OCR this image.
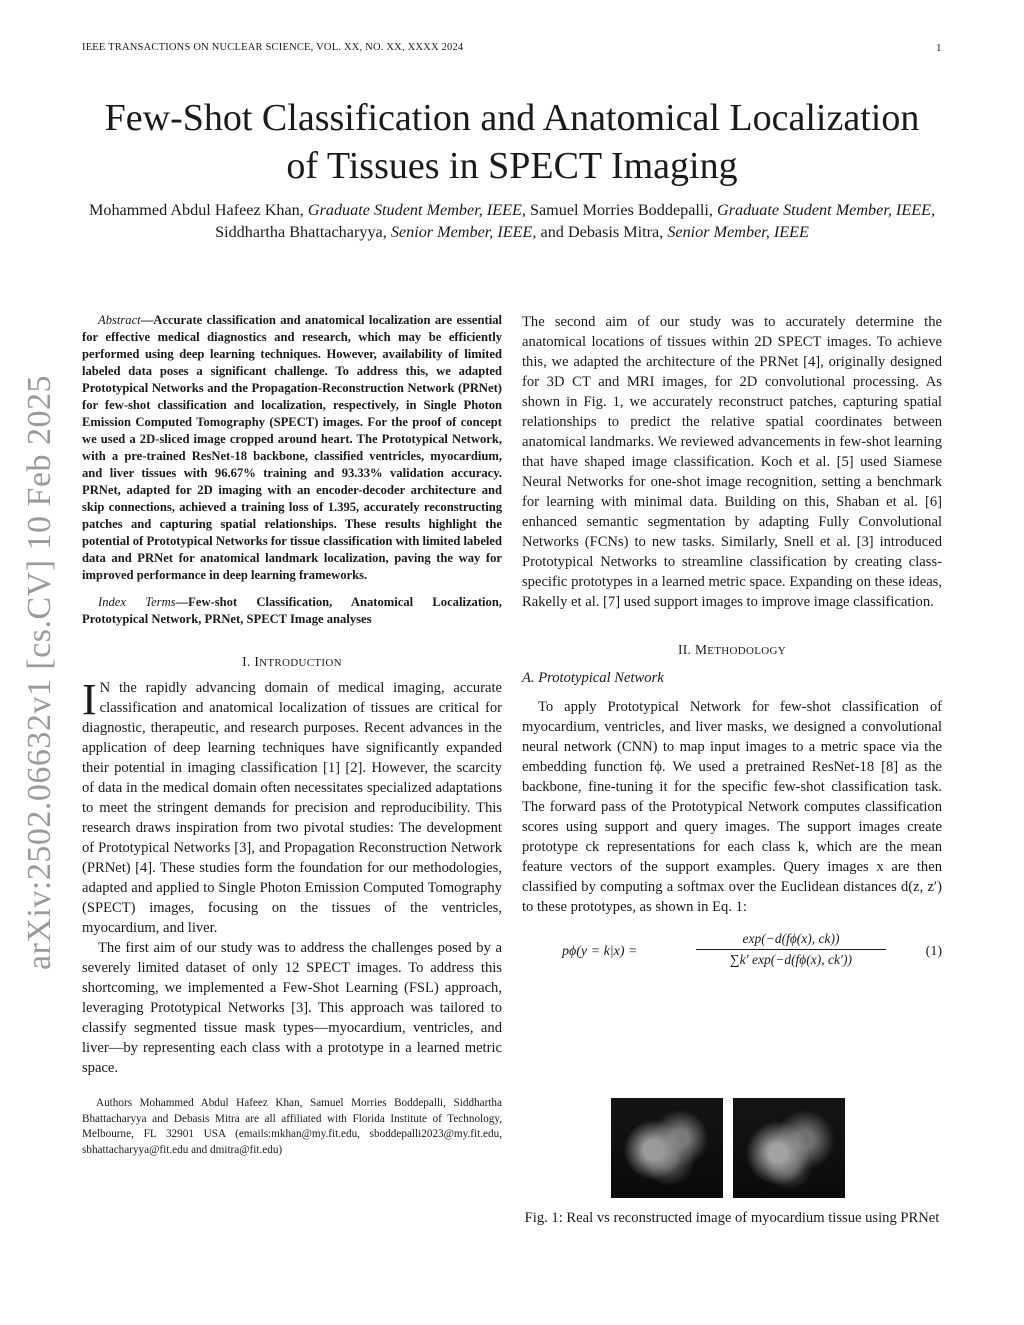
IEEE TRANSACTIONS ON NUCLEAR SCIENCE, VOL. XX, NO. XX, XXXX 2024	1
arXiv:2502.06632v1 [cs.CV] 10 Feb 2025
Few-Shot Classification and Anatomical Localization of Tissues in SPECT Imaging
Mohammed Abdul Hafeez Khan, Graduate Student Member, IEEE, Samuel Morries Boddepalli, Graduate Student Member, IEEE, Siddhartha Bhattacharyya, Senior Member, IEEE, and Debasis Mitra, Senior Member, IEEE

Abstract—Accurate classification and anatomical localization are essential for effective medical diagnostics and research, which may be efficiently performed using deep learning techniques. However, availability of limited labeled data poses a significant challenge. To address this, we adapted Prototypical Networks and the Propagation-Reconstruction Network (PRNet) for few-shot classification and localization, respectively, in Single Photon Emission Computed Tomography (SPECT) images. For the proof of concept we used a 2D-sliced image cropped around heart. The Prototypical Network, with a pre-trained ResNet-18 backbone, classified ventricles, myocardium, and liver tissues with 96.67% training and 93.33% validation accuracy. PRNet, adapted for 2D imaging with an encoder-decoder architecture and skip connections, achieved a training loss of 1.395, accurately reconstructing patches and capturing spatial relationships. These results highlight the potential of Prototypical Networks for tissue classification with limited labeled data and PRNet for anatomical landmark localization, paving the way for improved performance in deep learning frameworks.

Index Terms—Few-shot Classification, Anatomical Localization, Prototypical Network, PRNet, SPECT Image analyses
I. INTRODUCTION
I N the rapidly advancing domain of medical imaging, accurate classification and anatomical localization of tissues are critical for diagnostic, therapeutic, and research purposes. Recent advances in the application of deep learning techniques have significantly expanded their potential in imaging classification [1] [2]. However, the scarcity of data in the medical domain often necessitates specialized adaptations to meet the stringent demands for precision and reproducibility. This research draws inspiration from two pivotal studies: The development of Prototypical Networks [3], and Propagation Reconstruction Network (PRNet) [4]. These studies form the foundation for our methodologies, adapted and applied to Single Photon Emission Computed Tomography (SPECT) images, focusing on the tissues of the ventricles, myocardium, and liver.
The first aim of our study was to address the challenges posed by a severely limited dataset of only 12 SPECT images. To address this shortcoming, we implemented a Few-Shot Learning (FSL) approach, leveraging Prototypical Networks [3]. This approach was tailored to classify segmented tissue mask types—myocardium, ventricles, and liver—by representing each class with a prototype in a learned metric space.
Authors Mohammed Abdul Hafeez Khan, Samuel Morries Boddepalli, Siddhartha Bhattacharyya and Debasis Mitra are all affiliated with Florida Institute of Technology, Melbourne, FL 32901 USA (emails:mkhan@my.fit.edu, sboddepalli2023@my.fit.edu, sbhattacharyya@fit.edu and dmitra@fit.edu)
The second aim of our study was to accurately determine the anatomical locations of tissues within 2D SPECT images. To achieve this, we adapted the architecture of the PRNet [4], originally designed for 3D CT and MRI images, for 2D convolutional processing. As shown in Fig. 1, we accurately reconstruct patches, capturing spatial relationships to predict the relative spatial coordinates between anatomical landmarks. We reviewed advancements in few-shot learning that have shaped image classification. Koch et al. [5] used Siamese Neural Networks for one-shot image recognition, setting a benchmark for learning with minimal data. Building on this, Shaban et al. [6] enhanced semantic segmentation by adapting Fully Convolutional Networks (FCNs) to new tasks. Similarly, Snell et al. [3] introduced Prototypical Networks to streamline classification by creating class-specific prototypes in a learned metric space. Expanding on these ideas, Rakelly et al. [7] used support images to improve image classification.
II. METHODOLOGY
A. Prototypical Network
To apply Prototypical Network for few-shot classification of myocardium, ventricles, and liver masks, we designed a convolutional neural network (CNN) to map input images to a metric space via the embedding function fϕ. We used a pretrained ResNet-18 [8] as the backbone, fine-tuning it for the specific few-shot classification task. The forward pass of the Prototypical Network computes classification scores using support and query images. The support images create prototype ck representations for each class k, which are the mean feature vectors of the support examples. Query images x are then classified by computing a softmax over the Euclidean distances d(z, z′) to these prototypes, as shown in Eq. 1:
pϕ(y = k|x) =	$\frac{\exp(-d(f\phi(x), ck))}{\sum k' \exp(-d(f\phi(x), ck'))}$	(1)
Fig. 1: Real vs reconstructed image of myocardium tissue using PRNet
